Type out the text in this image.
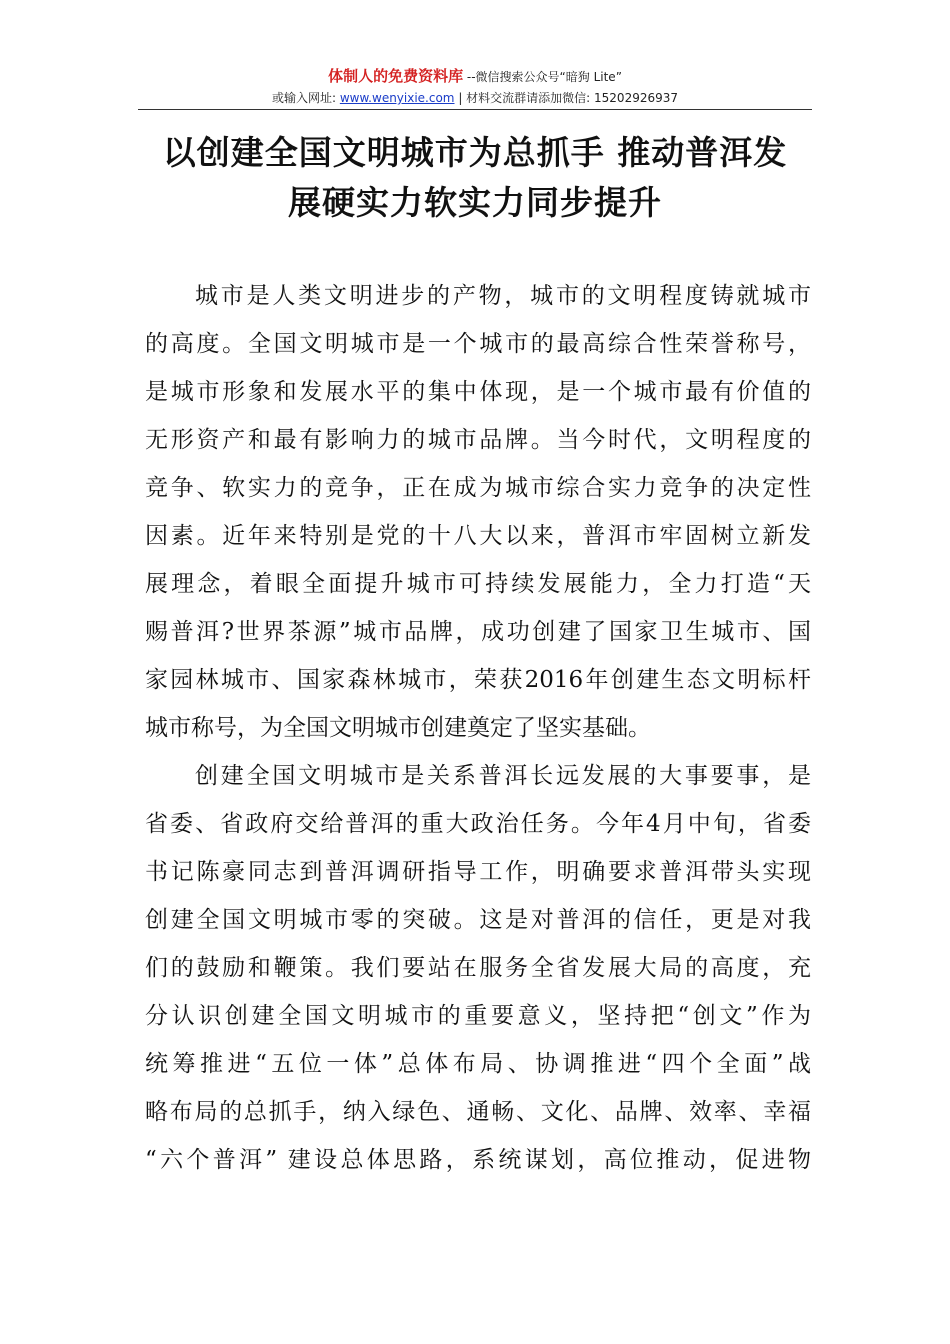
体制人的免费资料库 --微信搜索公众号“暗狗 Lite”
或输入网址: www.wenyixie.com | 材料交流群请添加微信: 15202926937
以创建全国文明城市为总抓手 推动普洱发
展硬实力软实力同步提升
城市是人类文明进步的产物，城市的文明程度铸就城市
的高度。全国文明城市是一个城市的最高综合性荣誉称号，
是城市形象和发展水平的集中体现，是一个城市最有价值的
无形资产和最有影响力的城市品牌。当今时代，文明程度的
竞争、软实力的竞争，正在成为城市综合实力竞争的决定性
因素。近年来特别是党的十八大以来，普洱市牢固树立新发
展理念，着眼全面提升城市可持续发展能力，全力打造“天
赐普洱?世界茶源”城市品牌，成功创建了国家卫生城市、国
家园林城市、国家森林城市，荣获2016年创建生态文明标杆
城市称号，为全国文明城市创建奠定了坚实基础。
创建全国文明城市是关系普洱长远发展的大事要事，是
省委、省政府交给普洱的重大政治任务。今年4月中旬，省委
书记陈豪同志到普洱调研指导工作，明确要求普洱带头实现
创建全国文明城市零的突破。这是对普洱的信任，更是对我
们的鼓励和鞭策。我们要站在服务全省发展大局的高度，充
分认识创建全国文明城市的重要意义，坚持把“创文”作为
统筹推进“五位一体”总体布局、协调推进“四个全面”战
略布局的总抓手，纳入绿色、通畅、文化、品牌、效率、幸福
“六个普洱” 建设总体思路，系统谋划，高位推动，促进物
